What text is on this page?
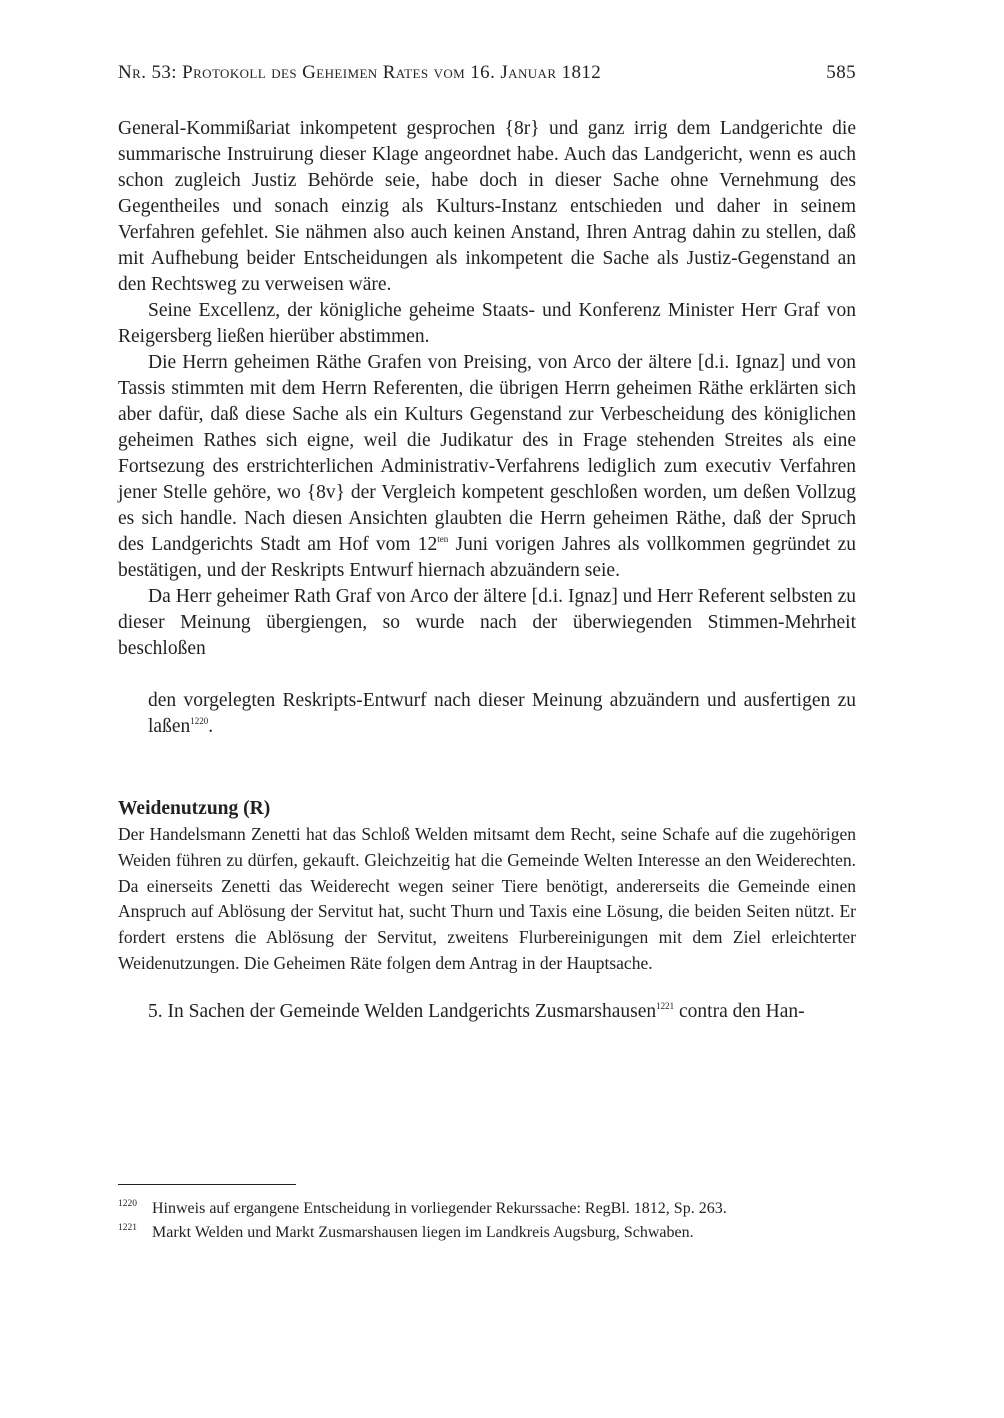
Nr. 53: Protokoll des Geheimen Rates vom 16. Januar 1812	585

General-Kommißariat inkompetent gesprochen {8r} und ganz irrig dem Landgerichte die summarische Instruirung dieser Klage angeordnet habe. Auch das Landgericht, wenn es auch schon zugleich Justiz Behörde seie, habe doch in dieser Sache ohne Vernehmung des Gegentheiles und sonach einzig als Kulturs-Instanz entschieden und daher in seinem Verfahren gefehlet. Sie nähmen also auch keinen Anstand, Ihren Antrag dahin zu stellen, daß mit Aufhebung beider Entscheidungen als inkompetent die Sache als Justiz-Gegenstand an den Rechtsweg zu verweisen wäre.

Seine Excellenz, der königliche geheime Staats- und Konferenz Minister Herr Graf von Reigersberg ließen hierüber abstimmen.

Die Herrn geheimen Räthe Grafen von Preising, von Arco der ältere [d.i. Ignaz] und von Tassis stimmten mit dem Herrn Referenten, die übrigen Herrn geheimen Räthe erklärten sich aber dafür, daß diese Sache als ein Kulturs Gegenstand zur Verbescheidung des königlichen geheimen Rathes sich eigne, weil die Judikatur des in Frage stehenden Streites als eine Fortsezung des erstrichterlichen Administrativ-Verfahrens lediglich zum executiv Verfahren jener Stelle gehöre, wo {8v} der Vergleich kompetent geschloßen worden, um deßen Vollzug es sich handle. Nach diesen Ansichten glaubten die Herrn geheimen Räthe, daß der Spruch des Landgerichts Stadt am Hof vom $12^{ten}$ Juni vorigen Jahres als vollkommen gegründet zu bestätigen, und der Reskripts Entwurf hiernach abzuändern seie.

Da Herr geheimer Rath Graf von Arco der ältere [d.i. Ignaz] und Herr Referent selbsten zu dieser Meinung übergiengen, so wurde nach der überwiegenden Stimmen-Mehrheit beschloßen

den vorgelegten Reskripts-Entwurf nach dieser Meinung abzuändern und ausfertigen zu laßen$^{1220}$.

Weidenutzung (R)
Der Handelsmann Zenetti hat das Schloß Welden mitsamt dem Recht, seine Schafe auf die zugehörigen Weiden führen zu dürfen, gekauft. Gleichzeitig hat die Gemeinde Welten Interesse an den Weiderechten. Da einerseits Zenetti das Weiderecht wegen seiner Tiere benötigt, andererseits die Gemeinde einen Anspruch auf Ablösung der Servitut hat, sucht Thurn und Taxis eine Lösung, die beiden Seiten nützt. Er fordert erstens die Ablösung der Servitut, zweitens Flurbereinigungen mit dem Ziel erleichterter Weidenutzungen. Die Geheimen Räte folgen dem Antrag in der Hauptsache.
5. In Sachen der Gemeinde Welden Landgerichts Zusmarshausen$^{1221}$ contra den Han-
1220 Hinweis auf ergangene Entscheidung in vorliegender Rekurssache: RegBl. 1812, Sp. 263.
1221 Markt Welden und Markt Zusmarshausen liegen im Landkreis Augsburg, Schwaben.
